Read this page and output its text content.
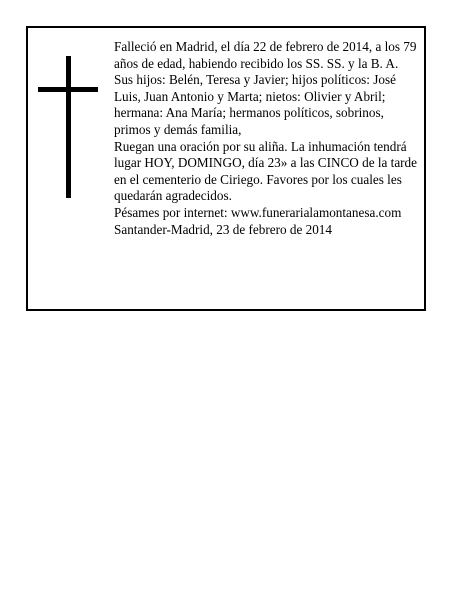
Falleció en Madrid, el día 22 de febrero de 2014, a los 79 años de edad, habiendo recibido los SS. SS. y la B. A.

Sus hijos: Belén, Teresa y Javier; hijos políticos: José Luis, Juan Antonio y Marta; nietos: Olivier y Abril; hermana: Ana María; hermanos políticos, sobrinos, primos y demás familia,

Ruegan una oración por su aliña. La inhumación tendrá lugar HOY, DOMINGO, día 23» a las CINCO de la tarde en el cementerio de Ciriego. Favores por los cuales les quedarán agradecidos.

Pésames por internet: www.funerarialamontanesa.com

Santander-Madrid, 23 de febrero de 2014
